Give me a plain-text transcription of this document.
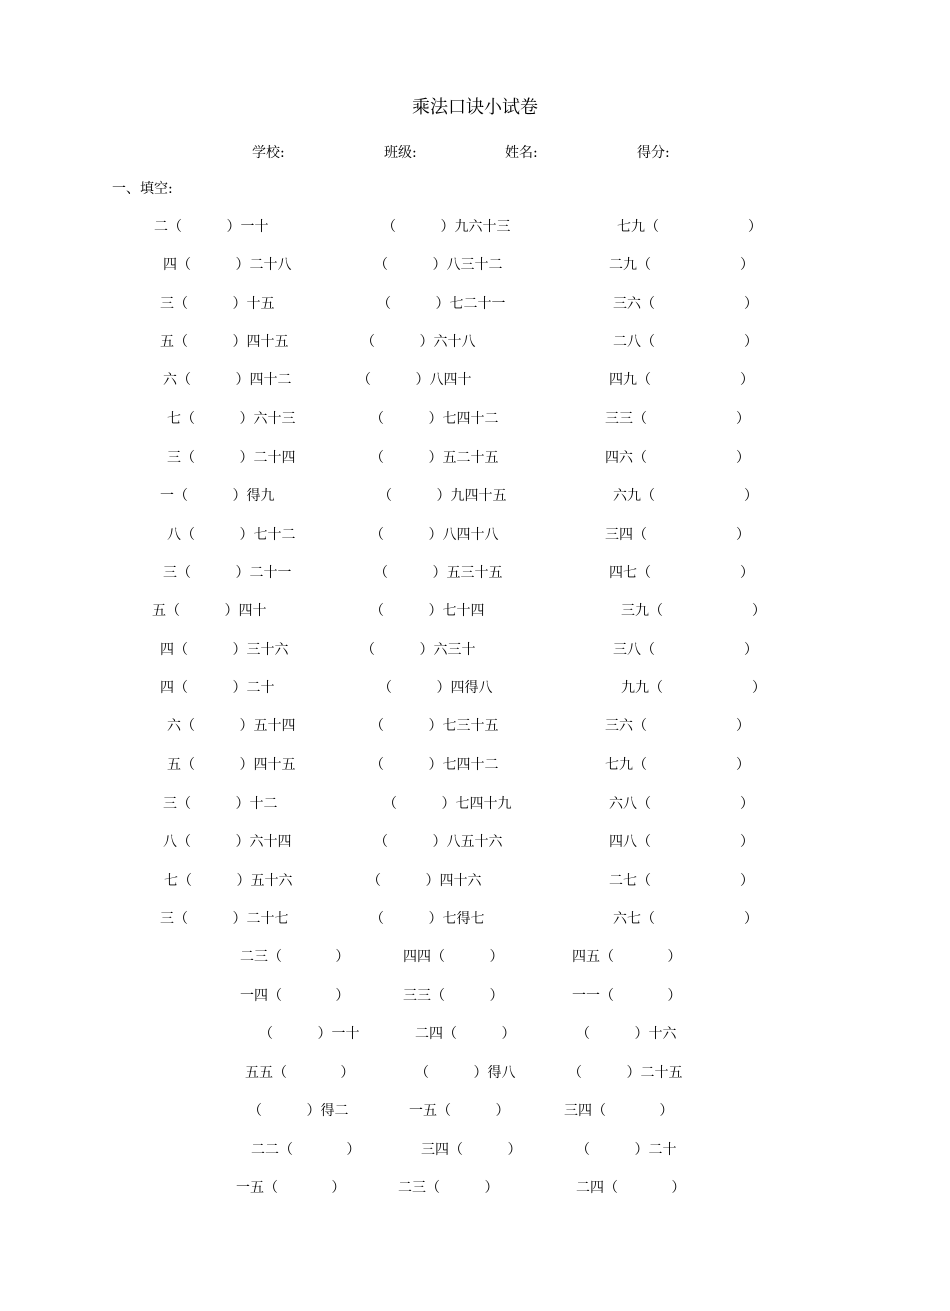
乘法口诀小试卷
学校:	班级:	姓名:	得分:
一、填空:
二（          ）一十	（          ）九六十三	七九（                    ）
四（          ）二十八	（          ）八三十二	二九（                    ）
三（          ）十五	（          ）七二十一	三六（                    ）
五（          ）四十五	（          ）六十八	二八（                    ）
六（          ）四十二	（          ）八四十	四九（                    ）
七（          ）六十三	（          ）七四十二	三三（                    ）
三（          ）二十四	（          ）五二十五	四六（                    ）
一（          ）得九	（          ）九四十五	六九（                    ）
八（          ）七十二	（          ）八四十八	三四（                    ）
三（          ）二十一	（          ）五三十五	四七（                    ）
五（          ）四十	（          ）七十四	三九（                    ）
四（          ）三十六	（          ）六三十	三八（                    ）
四（          ）二十	（          ）四得八	九九（                    ）
六（          ）五十四	（          ）七三十五	三六（                    ）
五（          ）四十五	（          ）七四十二	七九（                    ）
三（          ）十二	（          ）七四十九	六八（                    ）
八（          ）六十四	（          ）八五十六	四八（                    ）
七（          ）五十六	（          ）四十六	二七（                    ）
三（          ）二十七	（          ）七得七	六七（                    ）
二三（            ）	四四（          ）	四五（            ）
一四（            ）	三三（          ）	一一（            ）
（          ）一十	二四（          ）	（          ）十六
五五（            ）	（          ）得八	（          ）二十五
（          ）得二	一五（          ）	三四（            ）
二二（            ）	三四（          ）	（          ）二十
一五（            ）	二三（          ）	二四（            ）
